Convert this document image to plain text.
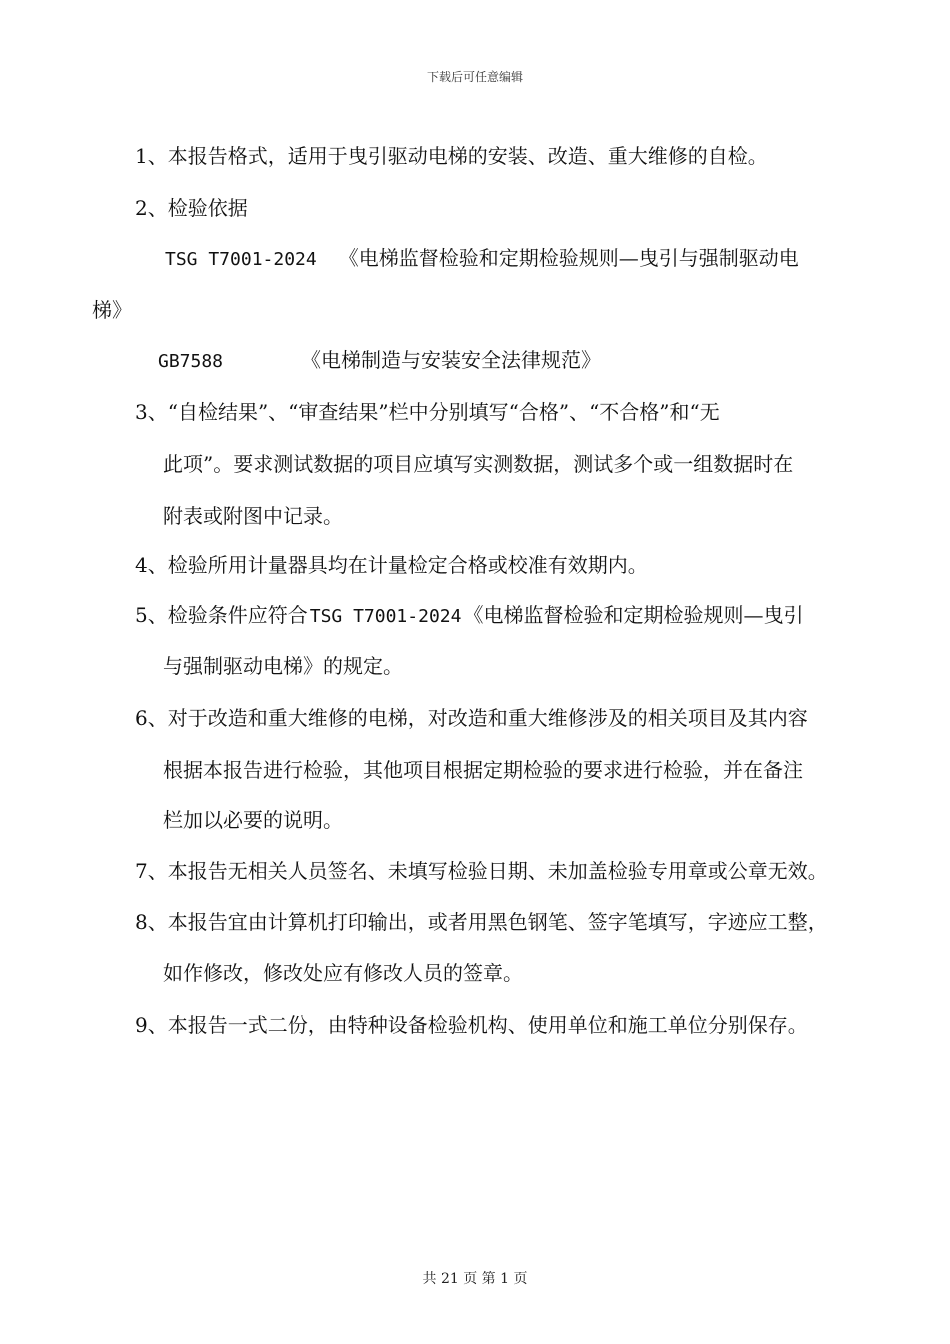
下载后可任意编辑
1、本报告格式，适用于曳引驱动电梯的安装、改造、重大维修的自检。
2、检验依据
TSG T7001-2024 《电梯监督检验和定期检验规则—曳引与强制驱动电
梯》
GB7588	《电梯制造与安装安全法律规范》
3、“自检结果”、“审查结果”栏中分别填写“合格”、“不合格”和“无
此项”。要求测试数据的项目应填写实测数据，测试多个或一组数据时在
附表或附图中记录。
4、检验所用计量器具均在计量检定合格或校准有效期内。
5、检验条件应符合 TSG T7001-2024 《电梯监督检验和定期检验规则—曳引
与强制驱动电梯》的规定。
6、对于改造和重大维修的电梯，对改造和重大维修涉及的相关项目及其内容
根据本报告进行检验，其他项目根据定期检验的要求进行检验，并在备注
栏加以必要的说明。
7、本报告无相关人员签名、未填写检验日期、未加盖检验专用章或公章无效。
8、本报告宜由计算机打印输出，或者用黑色钢笔、签字笔填写，字迹应工整，
如作修改，修改处应有修改人员的签章。
9、本报告一式二份，由特种设备检验机构、使用单位和施工单位分别保存。
共 21 页 第 1 页
